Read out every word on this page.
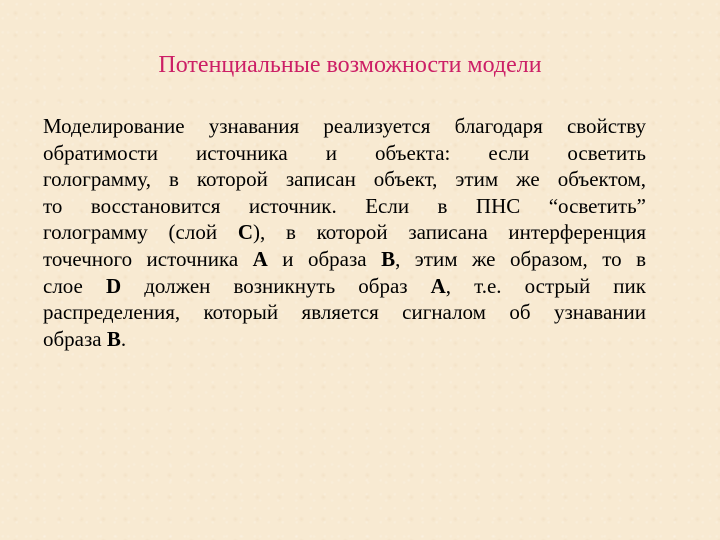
Потенциальные возможности модели
Моделирование узнавания реализуется благодаря свойству
обратимости источника и объекта: если осветить
голограмму, в которой записан объект, этим же объектом,
то восстановится источник. Если в ПНС “осветить”
голограмму (слой С), в которой записана интерференция
точечного источника А и образа В, этим же образом, то в
слое D должен возникнуть образ А, т.е. острый пик
распределения, который является сигналом об узнавании
образа В.
